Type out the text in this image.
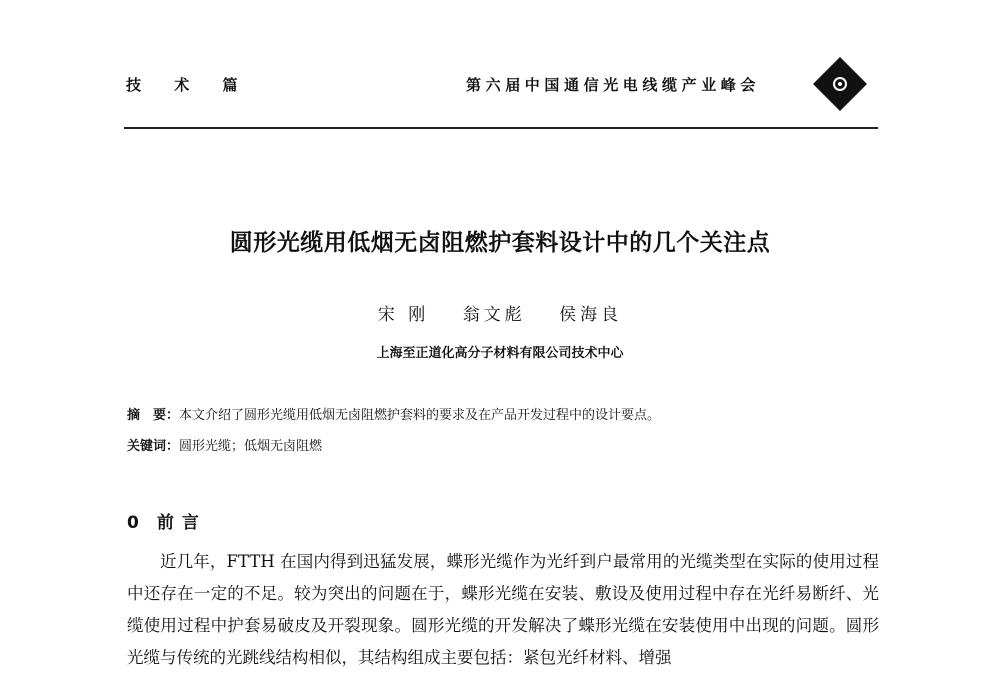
技 术 篇	第六届中国通信光电线缆产业峰会
圆形光缆用低烟无卤阻燃护套料设计中的几个关注点
宋 刚 翁文彪 侯海良
上海至正道化高分子材料有限公司技术中心
摘　要：本文介绍了圆形光缆用低烟无卤阻燃护套料的要求及在产品开发过程中的设计要点。
关键词：圆形光缆；低烟无卤阻燃
0 前言
近几年，FTTH 在国内得到迅猛发展，蝶形光缆作为光纤到户最常用的光缆类型在实际的使用过程中还存在一定的不足。较为突出的问题在于，蝶形光缆在安装、敷设及使用过程中存在光纤易断纤、光缆使用过程中护套易破皮及开裂现象。圆形光缆的开发解决了蝶形光缆在安装使用中出现的问题。圆形光缆与传统的光跳线结构相似，其结构组成主要包括：紧包光纤材料、增强
